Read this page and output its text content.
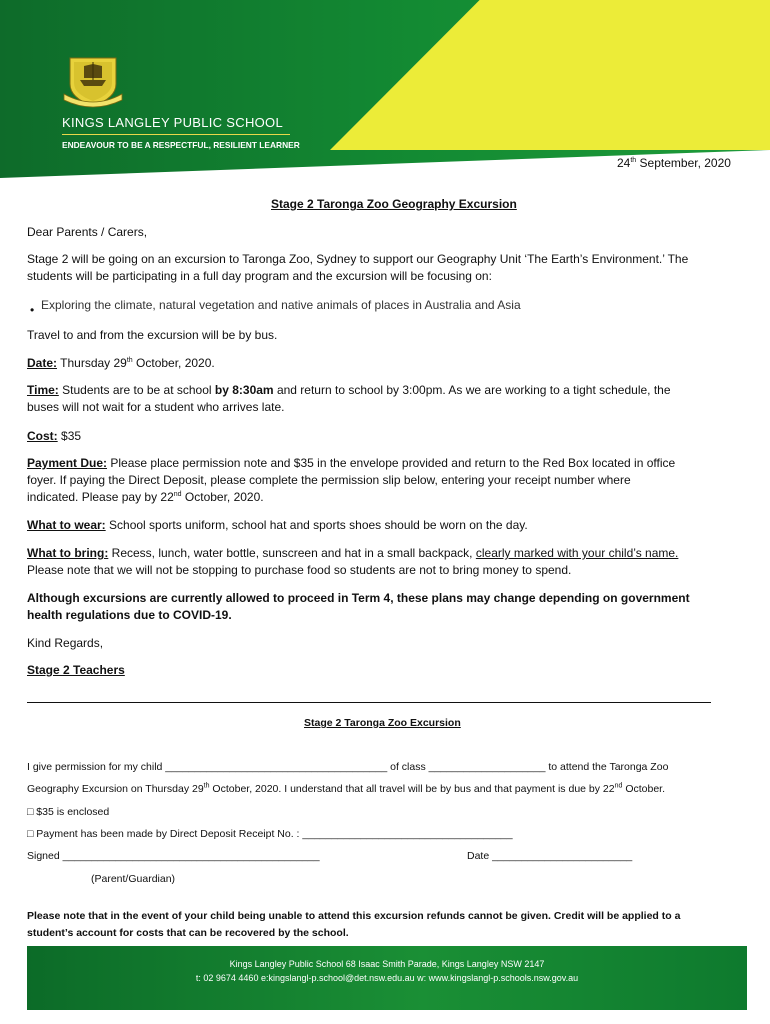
KINGS LANGLEY PUBLIC SCHOOL
ENDEAVOUR TO BE A RESPECTFUL, RESILIENT LEARNER
24th September, 2020
Stage 2 Taronga Zoo Geography Excursion
Dear Parents / Carers,
Stage 2 will be going on an excursion to Taronga Zoo, Sydney to support our Geography Unit ‘The Earth’s Environment.’ The
students will be participating in a full day program and the excursion will be focusing on:
• Exploring the climate, natural vegetation and native animals of places in Australia and Asia
Travel to and from the excursion will be by bus.
Date: Thursday 29th October, 2020.
Time: Students are to be at school by 8:30am and return to school by 3:00pm. As we are working to a tight schedule, the
buses will not wait for a student who arrives late.
Cost: $35
Payment Due: Please place permission note and $35 in the envelope provided and return to the Red Box located in office
foyer. If paying the Direct Deposit, please complete the permission slip below, entering your receipt number where
indicated. Please pay by 22nd October, 2020.
What to wear: School sports uniform, school hat and sports shoes should be worn on the day.
What to bring: Recess, lunch, water bottle, sunscreen and hat in a small backpack, clearly marked with your child’s name.
Please note that we will not be stopping to purchase food so students are not to bring money to spend.
Although excursions are currently allowed to proceed in Term 4, these plans may change depending on government
health regulations due to COVID-19.
Kind Regards,
Stage 2 Teachers
Stage 2 Taronga Zoo Excursion
I give permission for my child ______________________________________ of class ____________________ to attend the Taronga Zoo
Geography Excursion on Thursday 29th October, 2020. I understand that all travel will be by bus and that payment is due by 22nd October.
□ $35 is enclosed
□ Payment has been made by Direct Deposit Receipt No. : ____________________________________
Signed ____________________________________________	Date ________________________
(Parent/Guardian)
Please note that in the event of your child being unable to attend this excursion refunds cannot be given. Credit will be applied to a
student’s account for costs that can be recovered by the school.
Kings Langley Public School 68 Isaac Smith Parade, Kings Langley NSW 2147
t: 02 9674 4460 e:kingslangl-p.school@det.nsw.edu.au w: www.kingslangl-p.schools.nsw.gov.au
